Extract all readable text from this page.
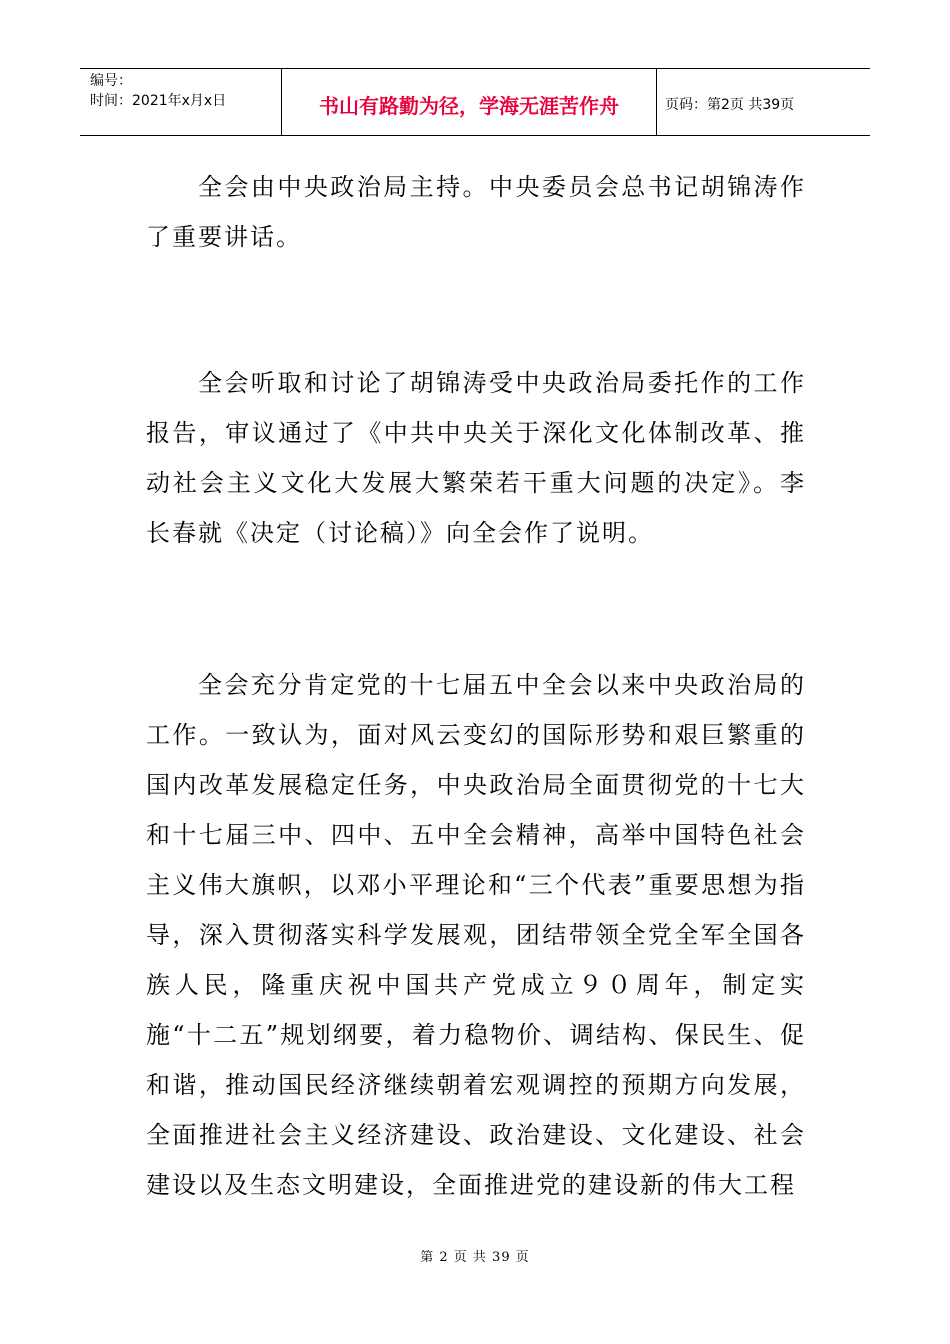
编号：
时间：2021年x月x日	书山有路勤为径，学海无涯苦作舟	页码：第2页 共39页
全会由中央政治局主持。中央委员会总书记胡锦涛作了重要讲话。
全会听取和讨论了胡锦涛受中央政治局委托作的工作报告，审议通过了《中共中央关于深化文化体制改革、推动社会主义文化大发展大繁荣若干重大问题的决定》。李长春就《决定（讨论稿）》向全会作了说明。
全会充分肯定党的十七届五中全会以来中央政治局的工作。一致认为，面对风云变幻的国际形势和艰巨繁重的国内改革发展稳定任务，中央政治局全面贯彻党的十七大和十七届三中、四中、五中全会精神，高举中国特色社会主义伟大旗帜，以邓小平理论和“三个代表”重要思想为指导，深入贯彻落实科学发展观，团结带领全党全军全国各族人民，隆重庆祝中国共产党成立９０周年，制定实施“十二五”规划纲要，着力稳物价、调结构、保民生、促和谐，推动国民经济继续朝着宏观调控的预期方向发展，全面推进社会主义经济建设、政治建设、文化建设、社会建设以及生态文明建设，全面推进党的建设新的伟大工程
第 2 页 共 39 页
